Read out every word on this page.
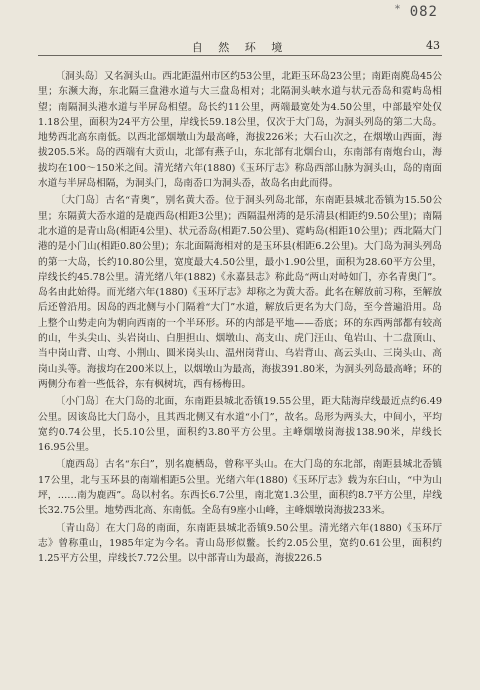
* 082
自 然 环 境	43

〔洞头岛〕又名洞头山。西北距温州市区约53公里，北距玉环岛23公里；南距南麂岛45公里；东濒大海，东北隔三盘港水道与大三盘岛相对；北隔洞头峡水道与状元岙岛和霓屿岛相望；南隔洞头港水道与半屏岛相望。岛长约11公里，两端最宽处为4.50公里，中部最窄处仅1.18公里，面积为24平方公里，岸线长59.18公里，仅次于大门岛，为洞头列岛的第二大岛。地势西北高东南低。以西北部烟墩山为最高峰，海拔226米；大石山次之，在烟墩山西面，海拔205.5米。岛的西端有大贡山，北部有燕子山，东北部有北烟台山，东南部有南炮台山，海拔均在100～150米之间。清光绪六年(1880)《玉环厅志》称岛西部山脉为洞头山，岛的南面水道与半屏岛相隔，为洞头门，岛南岙口为洞头岙，故岛名由此而得。

〔大门岛〕古名“青奥”，别名黄大岙。位于洞头列岛北部，东南距县城北岙镇为15.50公里；东隔黄大岙水道的是鹿西岛(相距3公里)；西隔温州湾的是乐清县(相距约9.50公里)；南隔北水道的是青山岛(相距4公里)、状元岙岛(相距7.50公里)、霓屿岛(相距10公里)；西北隔大门港的是小门山(相距0.80公里)；东北面隔海相对的是玉环县(相距6.2公里)。大门岛为洞头列岛的第一大岛，长约10.80公里，宽度最大4.50公里，最小1.90公里，面积为28.60平方公里，岸线长约45.78公里。清光绪八年(1882)《永嘉县志》称此岛“两山对峙如门，亦名青奥门”。岛名由此始得。而光绪六年(1880)《玉环厅志》却称之为黄大岙。此名在解放前习称，至解放后还曾沿用。因岛的西北侧与小门隔着“大门”水道，解放后更名为大门岛，至今普遍沿用。岛上整个山势走向为朝向西南的一个半环形。环的内部是平地——岙底；环的东西两部都有较高的山，牛头尖山、头岩岗山、白胆担山、烟墩山、高支山、虎门汪山、龟岩山、十二盘顶山、当中岗山背、山弯、小荆山、圆米岗头山、温州岗背山、乌岩背山、高云头山、三岗头山、高岗山头等。海拔均在200米以上，以烟墩山为最高，海拔391.80米，为洞头列岛最高峰；环的两侧分布着一些低谷，东有枫树坑，西有杨梅田。

〔小门岛〕在大门岛的北面，东南距县城北岙镇19.55公里，距大陆海岸线最近点约6.49公里。因该岛比大门岛小，且其西北侧又有水道“小门”，故名。岛形为两头大，中间小，平均宽约0.74公里，长5.10公里，面积约3.80平方公里。主峰烟墩岗海拔138.90米，岸线长16.95公里。

〔鹿西岛〕古名“东臼”，别名鹿栖岛，曾称平头山。在大门岛的东北部，南距县城北岙镇17公里，北与玉环县的南端相距5公里。光绪六年(1880)《玉环厅志》载为东臼山，“中为山坪，……南为鹿西”。岛以村名。东西长6.7公里，南北宽1.3公里，面积约8.7平方公里，岸线长32.75公里。地势西北高、东南低。全岛有9座小山峰，主峰烟墩岗海拔233米。

〔青山岛〕在大门岛的南面，东南距县城北岙镇9.50公里。清光绪六年(1880)《玉环厅志》曾称重山，1985年定为今名。青山岛形似鳖。长约2.05公里，宽约0.61公里，面积约1.25平方公里，岸线长7.72公里。以中部青山为最高，海拔226.5
